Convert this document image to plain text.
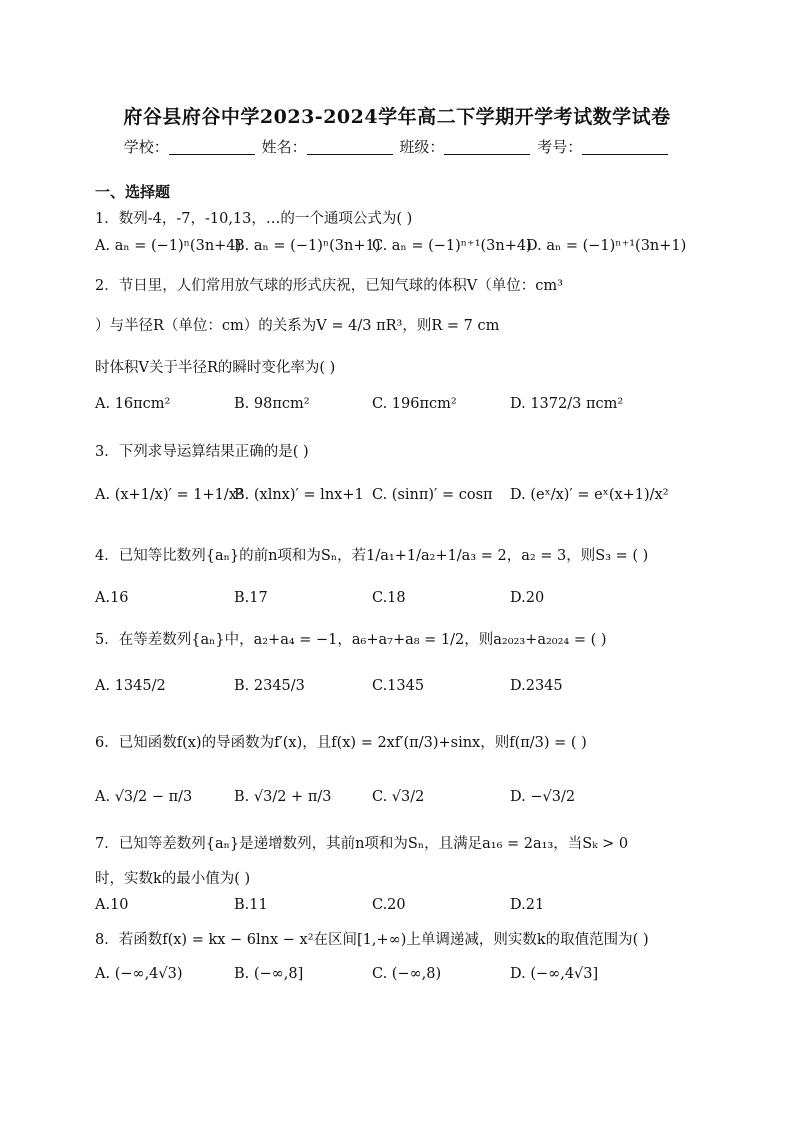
府谷县府谷中学2023-2024学年高二下学期开学考试数学试卷
学校：	姓名：	班级：	考号：
一、选择题
1．数列-4，-7，-10,13，…的一个通项公式为( )
A. aₙ = (−1)ⁿ(3n+4)
B. aₙ = (−1)ⁿ(3n+1)
C. aₙ = (−1)ⁿ⁺¹(3n+4)
D. aₙ = (−1)ⁿ⁺¹(3n+1)
2．节日里，人们常用放气球的形式庆祝，已知气球的体积V（单位：cm³
）与半径R（单位：cm）的关系为V = 4/3 πR³，则R = 7 cm
时体积V关于半径R的瞬时变化率为( )
A. 16πcm²	B. 98πcm²	C. 196πcm²	D. 1372/3 πcm²
3．下列求导运算结果正确的是( )
A. (x+1/x)′ = 1+1/x²
B. (xlnx)′ = lnx+1 C. (sinπ)′ = cosπ D. (eˣ/x)′ = eˣ(x+1)/x²
4．已知等比数列{aₙ}的前n项和为Sₙ，若1/a₁+1/a₂+1/a₃ = 2，a₂ = 3，则S₃ = ( )
A.16	B.17	C.18	D.20
5．在等差数列{aₙ}中，a₂+a₄ = −1，a₆+a₇+a₈ = 1/2，则a₂₀₂₃+a₂₀₂₄ = ( )
A. 1345/2	B. 2345/3	C.1345	D.2345
6．已知函数f(x)的导函数为f′(x)，且f(x) = 2xf′(π/3)+sinx，则f(π/3) = ( )
A. √3/2 − π/3	B. √3/2 + π/3	C. √3/2	D. −√3/2
7．已知等差数列{aₙ}是递增数列，其前n项和为Sₙ，且满足a₁₆ = 2a₁₃，当Sₖ > 0
时，实数k的最小值为( )
A.10	B.11	C.20	D.21
8．若函数f(x) = kx − 6lnx − x²在区间[1,+∞)上单调递减，则实数k的取值范围为( )
A. (−∞,4√3)	B. (−∞,8]	C. (−∞,8)	D. (−∞,4√3]
